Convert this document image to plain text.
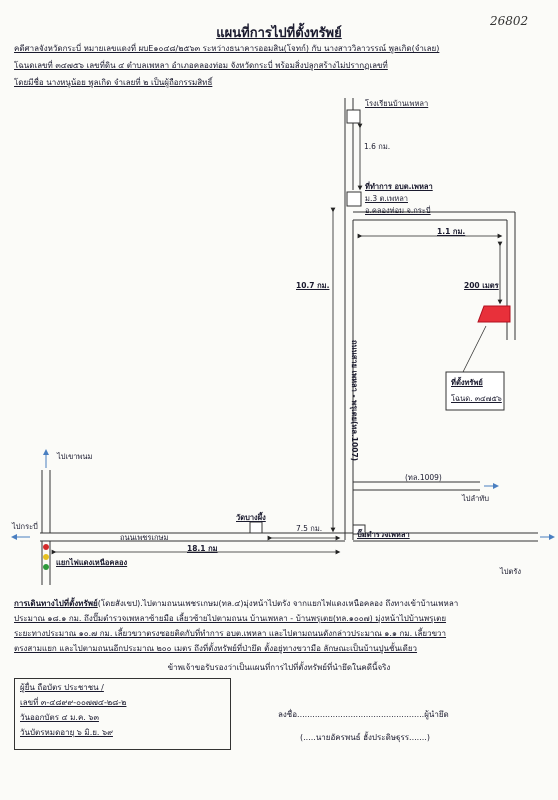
แผนที่การไปที่ตั้งทรัพย์
26802
คดีศาลจังหวัดกระบี่ หมายเลขแดงที่ ผบE๑๐๔๘/๒๕๖๓ ระหว่างธนาคารออมสิน(โจทก์) กับ นางสาววิลาวรรณ์ พูลเกิด(จำเลย)
โฉนดเลขที่ ๓๔๗๕๖ เลขที่ดิน ๔ ตำบลเพหลา อำเภอคลองท่อม จังหวัดกระบี่ พร้อมสิ่งปลูกสร้างไม่ปรากฏเลขที่
โดยมีชื่อ นางหนูน้อย พูลเกิด จำเลยที่ ๒ เป็นผู้ถือกรรมสิทธิ์
โรงเรียนบ้านเพหลา
1.6 กม.
ที่ทำการ อบต.เพหลา
ม.3 ต.เพหลา
อ.คลองท่อม จ.กระบี่
1.1 กม.
200 เมตร
10.7 กม.
ถนนสาย เพหลา - พรุเตย(ทล.1007)	ที่ตั้งทรัพย์
โฉนด. ๓๔๗๕๖
ไปเขาพนม
(ทล.1009)
ไปลำทับ
ไปกระบี่
ถนนเพชรเกษม
วัดบางผึ้ง
7.5 กม.
ปั๊มตำรวจเพหลา
18.1 กม
แยกไฟแดงเหนือคลอง
ไปตรัง
การเดินทางไปที่ตั้งทรัพย์(โดยสังเขป).ไปตามถนนเพชรเกษม(ทล.๔)มุ่งหน้าไปตรัง จากแยกไฟแดงเหนือคลอง ถึงทางเข้าบ้านเพหลา
ประมาณ ๑๘.๑ กม. ถึงปั๊มตำรวจเพหลาซ้ายมือ เลี้ยวซ้ายไปตามถนน บ้านเพหลา - บ้านพรุเตย(ทล.๑๐๐๗) มุ่งหน้าไปบ้านพรุเตย
ระยะทางประมาณ ๑๐.๗ กม. เลี้ยวขวาตรงซอยติดกับที่ทำการ อบต.เพหลา และไปตามถนนดังกล่าวประมาณ ๑.๑ กม. เลี้ยวขวา
ตรงสามแยก และไปตามถนนอีกประมาณ ๒๐๐ เมตร ถึงที่ตั้งทรัพย์ที่ป่ายึด ตั้งอยู่ทางขวามือ ลักษณะเป็นบ้านปูนชั้นเดียว
ข้าพเจ้าขอรับรองว่าเป็นแผนที่การไปที่ตั้งทรัพย์ที่นำยึดในคดีนี้จริง
ผู้ยื่น ถือบัตร ประชาชน /
เลขที่ ๓-๔๘๙๙-๐๐๗๗๔-๒๘-๒
วันออกบัตร ๔ ม.ค. ๖๓
วันบัตรหมดอายุ ๖ มิ.ย. ๖๙
ลงชื่อ..................................................ผู้นำยึด
(.....นายอัครพนธ์ ฮั้งประดิษฐุรร.......)
